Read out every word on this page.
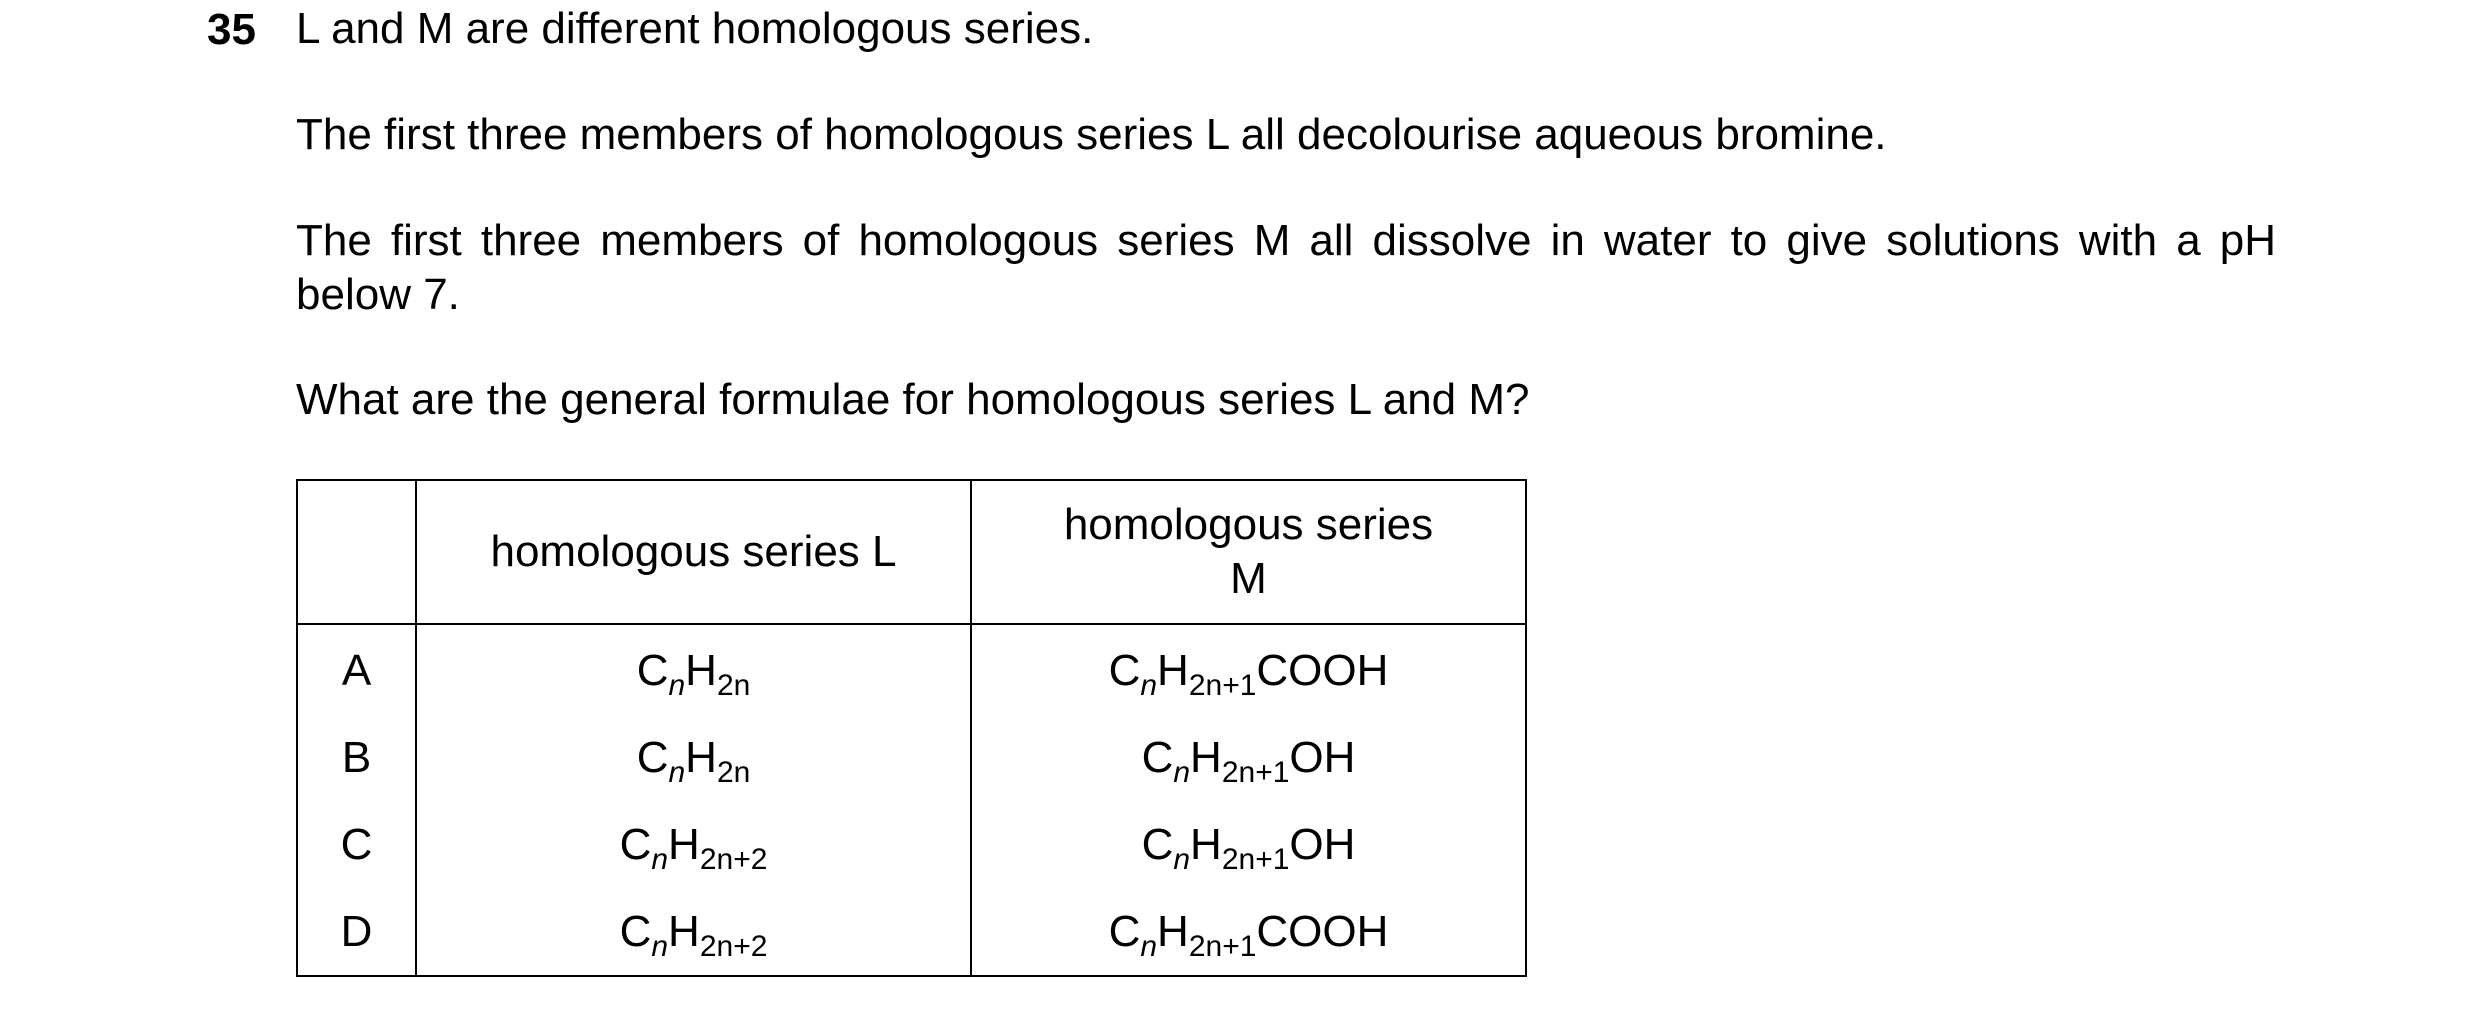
35 L and M are different homologous series.
The first three members of homologous series L all decolourise aqueous bromine.
The first three members of homologous series M all dissolve in water to give solutions with a pH below 7.
What are the general formulae for homologous series L and M?
	homologous series L	homologous series M
A	$C_nH_{2n}$	$C_nH_{2n+1}COOH$
B	$C_nH_{2n}$	$C_nH_{2n+1}OH$
C	$C_nH_{2n+2}$	$C_nH_{2n+1}OH$
D	$C_nH_{2n+2}$	$C_nH_{2n+1}COOH$
